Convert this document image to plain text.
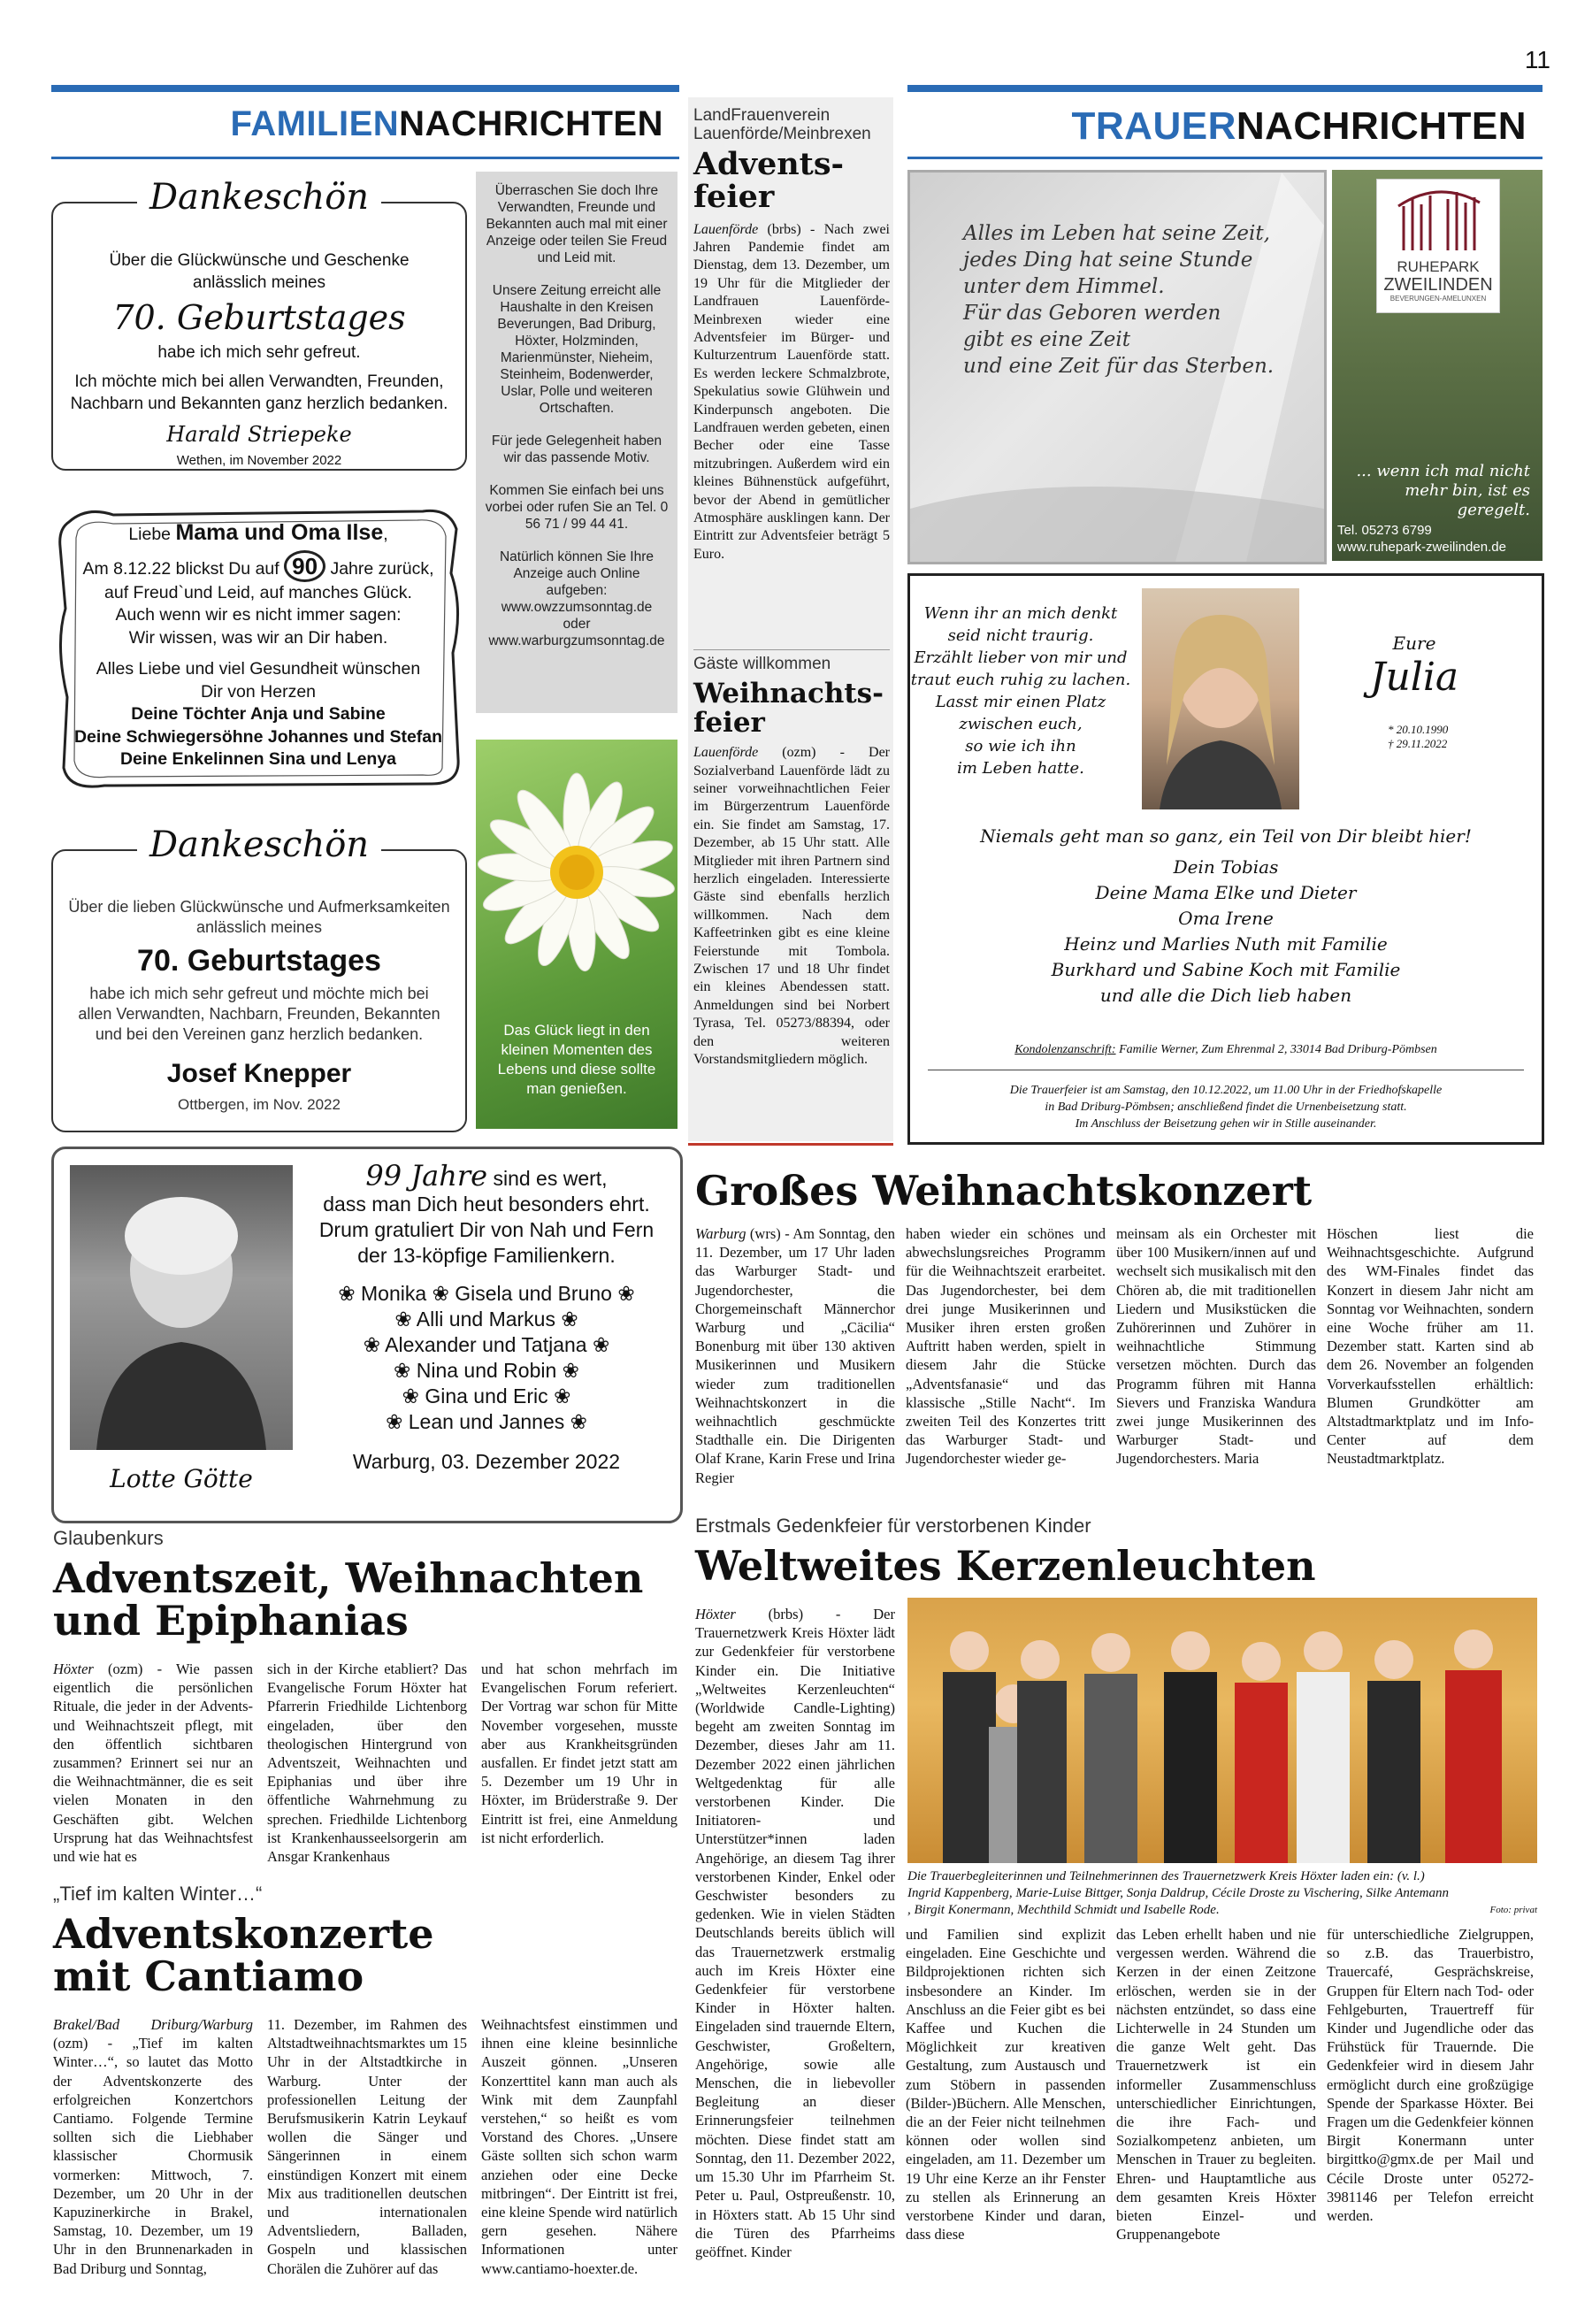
11
FAMILIENNACHRICHTEN
Dankeschön
Über die Glückwünsche und Geschenke
anlässlich meines
70. Geburtstages
habe ich mich sehr gefreut.
Ich möchte mich bei allen Verwandten, Freunden,
Nachbarn und Bekannten ganz herzlich bedanken.
Harald Striepeke
Wethen, im November 2022
Liebe Mama und Oma Ilse,
Am 8.12.22 blickst Du auf 90 Jahre zurück,
auf Freud`und Leid, auf manches Glück.
Auch wenn wir es nicht immer sagen:
Wir wissen, was wir an Dir haben.
Alles Liebe und viel Gesundheit wünschen
Dir von Herzen
Deine Töchter Anja und Sabine
Deine Schwiegersöhne Johannes und Stefan
Deine Enkelinnen Sina und Lenya
Dankeschön
Über die lieben Glückwünsche und Aufmerksamkeiten
anlässlich meines
70. Geburtstages
habe ich mich sehr gefreut und möchte mich bei
allen Verwandten, Nachbarn, Freunden, Bekannten
und bei den Vereinen ganz herzlich bedanken.
Josef Knepper
Ottbergen, im Nov. 2022
Überraschen Sie doch Ihre Verwandten, Freunde und Bekannten auch mal mit einer Anzeige oder teilen Sie Freud und Leid mit.
Unsere Zeitung erreicht alle Haushalte in den Kreisen Beverungen, Bad Driburg, Höxter, Holzminden, Marienmünster, Nieheim, Steinheim, Bodenwerder, Uslar, Polle und weiteren Ortschaften.
Für jede Gelegenheit haben wir das passende Motiv.
Kommen Sie einfach bei uns vorbei oder rufen Sie an Tel. 0 56 71 / 99 44 41.
Natürlich können Sie Ihre Anzeige auch Online aufgeben:
www.owzzumsonntag.de
oder
www.warburgzumsonntag.de
Das Glück liegt in den kleinen Momenten des Lebens und diese sollte man genießen.
Lotte Götte
99 Jahre sind es wert,
dass man Dich heut besonders ehrt.
Drum gratuliert Dir von Nah und Fern
der 13-köpfige Familienkern.
❀ Monika ❀ Gisela und Bruno ❀
❀ Alli und Markus ❀
❀ Alexander und Tatjana ❀
❀ Nina und Robin ❀
❀ Gina und Eric ❀
❀ Lean und Jannes ❀
Warburg, 03. Dezember 2022
LandFrauenverein Lauenförde/Meinbrexen
Advents-feier
Lauenförde (brbs) - Nach zwei Jahren Pandemie findet am Dienstag, dem 13. Dezember, um 19 Uhr für die Mitglieder der Landfrauen Lauenförde-Meinbrexen wieder eine Adventsfeier im Bürger- und Kulturzentrum Lauenförde statt. Es werden leckere Schmalzbrote, Spekulatius sowie Glühwein und Kinderpunsch angeboten. Die Landfrauen werden gebeten, einen Becher oder eine Tasse mitzubringen. Außerdem wird ein kleines Bühnenstück aufgeführt, bevor der Abend in gemütlicher Atmosphäre ausklingen kann. Der Eintritt zur Adventsfeier beträgt 5 Euro.
Gäste willkommen
Weihnachts-feier
Lauenförde (ozm) - Der Sozialverband Lauenförde lädt zu seiner vorweihnachtlichen Feier im Bürgerzentrum Lauenförde ein. Sie findet am Samstag, 17. Dezember, ab 15 Uhr statt. Alle Mitglieder mit ihren Partnern sind herzlich eingeladen. Interessierte Gäste sind ebenfalls herzlich willkommen. Nach dem Kaffeetrinken gibt es eine kleine Feierstunde mit Tombola. Zwischen 17 und 18 Uhr findet ein kleines Abendessen statt. Anmeldungen sind bei Norbert Tyrasa, Tel. 05273/88394, oder den weiteren Vorstandsmitgliedern möglich.
TRAUERNACHRICHTEN
Alles im Leben hat seine Zeit,
jedes Ding hat seine Stunde
unter dem Himmel.
Für das Geboren werden
gibt es eine Zeit
und eine Zeit für das Sterben.
RUHEPARK
ZWEILINDEN
BEVERUNGEN-AMELUNXEN
... wenn ich mal nicht
mehr bin, ist es geregelt.
Tel. 05273 6799
www.ruhepark-zweilinden.de
Wenn ihr an mich denkt
seid nicht traurig.
Erzählt lieber von mir und
traut euch ruhig zu lachen.
Lasst mir einen Platz
zwischen euch,
so wie ich ihn
im Leben hatte.
Eure
Julia
* 20.10.1990
† 29.11.2022
Niemals geht man so ganz, ein Teil von Dir bleibt hier!
Dein Tobias
Deine Mama Elke und Dieter
Oma Irene
Heinz und Marlies Nuth mit Familie
Burkhard und Sabine Koch mit Familie
und alle die Dich lieb haben
Kondolenzanschrift: Familie Werner, Zum Ehrenmal 2, 33014 Bad Driburg-Pömbsen
Die Trauerfeier ist am Samstag, den 10.12.2022, um 11.00 Uhr in der Friedhofskapelle
in Bad Driburg-Pömbsen; anschließend findet die Urnenbeisetzung statt.
Im Anschluss der Beisetzung gehen wir in Stille auseinander.
Großes Weihnachtskonzert
Warburg (wrs) - Am Sonntag, den 11. Dezember, um 17 Uhr laden das Warburger Stadt- und Jugendorchester, die Chorgemeinschaft Männerchor Warburg und „Cäcilia“ Bonenburg mit über 130 aktiven Musikerinnen und Musikern wieder zum traditionellen Weihnachtskonzert in die weihnachtlich geschmückte Stadthalle ein. Die Dirigenten Olaf Krane, Karin Frese und Irina Regier
haben wieder ein schönes und abwechslungsreiches Programm für die Weihnachtszeit erarbeitet. Das Jugendorchester, bei dem drei junge Musikerinnen und Musiker ihren ersten großen Auftritt haben werden, spielt in diesem Jahr die Stücke „Adventsfanasie“ und das klassische „Stille Nacht“. Im zweiten Teil des Konzertes tritt das Warburger Stadt- und Jugendorchester wieder ge-
meinsam als ein Orchester mit über 100 Musikern/innen auf und wechselt sich musikalisch mit den Chören ab, die mit traditionellen Liedern und Musikstücken die Zuhörerinnen und Zuhörer in weihnachtliche Stimmung versetzen möchten. Durch das Programm führen mit Hanna Sievers und Franziska Wandura zwei junge Musikerinnen des Warburger Stadt- und Jugendorchesters. Maria
Höschen liest die Weihnachtsgeschichte. Aufgrund des WM-Finales findet das Konzert in diesem Jahr nicht am Sonntag vor Weihnachten, sondern eine Woche früher am 11. Dezember statt. Karten sind ab dem 26. November an folgenden Vorverkaufsstellen erhältlich: Blumen Grundkötter am Altstadtmarktplatz und im Info-Center auf dem Neustadtmarktplatz.
Glaubenkurs
Adventszeit, Weihnachten und Epiphanias
Höxter (ozm) - Wie passen eigentlich die persönlichen Rituale, die jeder in der Advents- und Weihnachtszeit pflegt, mit den öffentlich sichtbaren zusammen? Erinnert sei nur an die Weihnachtmänner, die es seit vielen Monaten in den Geschäften gibt. Welchen Ursprung hat das Weihnachtsfest und wie hat es
sich in der Kirche etabliert? Das Evangelische Forum Höxter hat Pfarrerin Friedhilde Lichtenborg eingeladen, über den theologischen Hintergrund von Adventszeit, Weihnachten und Epiphanias und über ihre öffentliche Wahrnehmung zu sprechen. Friedhilde Lichtenborg ist Krankenhausseelsorgerin am Ansgar Krankenhaus
und hat schon mehrfach im Evangelischen Forum referiert. Der Vortrag war schon für Mitte November vorgesehen, musste aber aus Krankheitsgründen ausfallen. Er findet jetzt statt am 5. Dezember um 19 Uhr in Höxter, im Brüderstraße 9. Der Eintritt ist frei, eine Anmeldung ist nicht erforderlich.
„Tief im kalten Winter…“
Adventskonzerte mit Cantiamo
Brakel/Bad Driburg/Warburg (ozm) - „Tief im kalten Winter…“, so lautet das Motto der Adventskonzerte des erfolgreichen Konzertchors Cantiamo. Folgende Termine sollten sich die Liebhaber klassischer Chormusik vormerken: Mittwoch, 7. Dezember, um 20 Uhr in der Kapuzinerkirche in Brakel, Samstag, 10. Dezember, um 19 Uhr in den Brunnenarkaden in Bad Driburg und Sonntag,
11. Dezember, im Rahmen des Altstadtweihnachtsmarktes um 15 Uhr in der Altstadtkirche in Warburg. Unter der professionellen Leitung der Berufsmusikerin Katrin Leykauf wollen die Sänger und Sängerinnen in einem einstündigen Konzert mit einem Mix aus traditionellen deutschen und internationalen Adventsliedern, Balladen, Gospeln und klassischen Chorälen die Zuhörer auf das
Weihnachtsfest einstimmen und ihnen eine kleine besinnliche Auszeit gönnen. „Unseren Konzerttitel kann man auch als Wink mit dem Zaunpfahl verstehen,“ so heißt es vom Vorstand des Chores. „Unsere Gäste sollten sich schon warm anziehen oder eine Decke mitbringen“. Der Eintritt ist frei, eine kleine Spende wird natürlich gern gesehen. Nähere Informationen unter www.cantiamo-hoexter.de.
Erstmals Gedenkfeier für verstorbenen Kinder
Weltweites Kerzenleuchten
Höxter (brbs) - Der Trauernetzwerk Kreis Höxter lädt zur Gedenkfeier für verstorbene Kinder ein. Die Initiative „Weltweites Kerzenleuchten“ (Worldwide Candle-Lighting) begeht am zweiten Sonntag im Dezember, dieses Jahr am 11. Dezember 2022 einen jährlichen Weltgedenktag für alle verstorbenen Kinder. Die Initiatoren- und Unterstützer*innen laden Angehörige, an diesem Tag ihrer verstorbenen Kinder, Enkel oder Geschwister besonders zu gedenken. Wie in vielen Städten Deutschlands bereits üblich will das Trauernetzwerk erstmalig auch im Kreis Höxter eine Gedenkfeier für verstorbene Kinder in Höxter halten. Eingeladen sind trauernde Eltern, Geschwister, Großeltern, Angehörige, sowie alle Menschen, die in liebevoller Begleitung an dieser Erinnerungsfeier teilnehmen möchten. Diese findet statt am Sonntag, den 11. Dezember 2022, um 15.30 Uhr im Pfarrheim St. Peter u. Paul, Ostpreußenstr. 10, in Höxters statt. Ab 15 Uhr sind die Türen des Pfarrheims geöffnet. Kinder
Die Trauerbegleiterinnen und Teilnehmerinnen des Trauernetzwerk Kreis Höxter laden ein: (v. l.)
Ingrid Kappenberg, Marie-Luise Bittger, Sonja Daldrup, Cécile Droste zu Vischering, Silke Antemann
, Birgit Konermann, Mechthild Schmidt und Isabelle Rode.	Foto: privat
und Familien sind explizit eingeladen. Eine Geschichte und Bildprojektionen richten sich insbesondere an Kinder. Im Anschluss an die Feier gibt es bei Kaffee und Kuchen die Möglichkeit zur kreativen Gestaltung, zum Austausch und zum Stöbern in passenden (Bilder-)Büchern. Alle Menschen, die an der Feier nicht teilnehmen können oder wollen sind eingeladen, am 11. Dezember um 19 Uhr eine Kerze an ihr Fenster zu stellen als Erinnerung an verstorbene Kinder und daran, dass diese
das Leben erhellt haben und nie vergessen werden. Während die Kerzen in der einen Zeitzone erlöschen, werden sie in der nächsten entzündet, so dass eine Lichterwelle in 24 Stunden um die ganze Welt geht. Das Trauernetzwerk ist ein informeller Zusammenschluss unterschiedlicher Einrichtungen, die ihre Fach- und Sozialkompetenz anbieten, um Menschen in Trauer zu begleiten. Ehren- und Hauptamtliche aus dem gesamten Kreis Höxter bieten Einzel- und Gruppenangebote
für unterschiedliche Zielgruppen, so z.B. das Trauerbistro, Trauercafé, Gesprächskreise, Gruppen für Eltern nach Tod- oder Fehlgeburten, Trauertreff für Kinder und Jugendliche oder das Frühstück für Trauernde. Die Gedenkfeier wird in diesem Jahr ermöglicht durch eine großzügige Spende der Sparkasse Höxter. Bei Fragen um die Gedenkfeier können Birgit Konermann unter birgittko@gmx.de per Mail und Cécile Droste unter 05272-3981146 per Telefon erreicht werden.
